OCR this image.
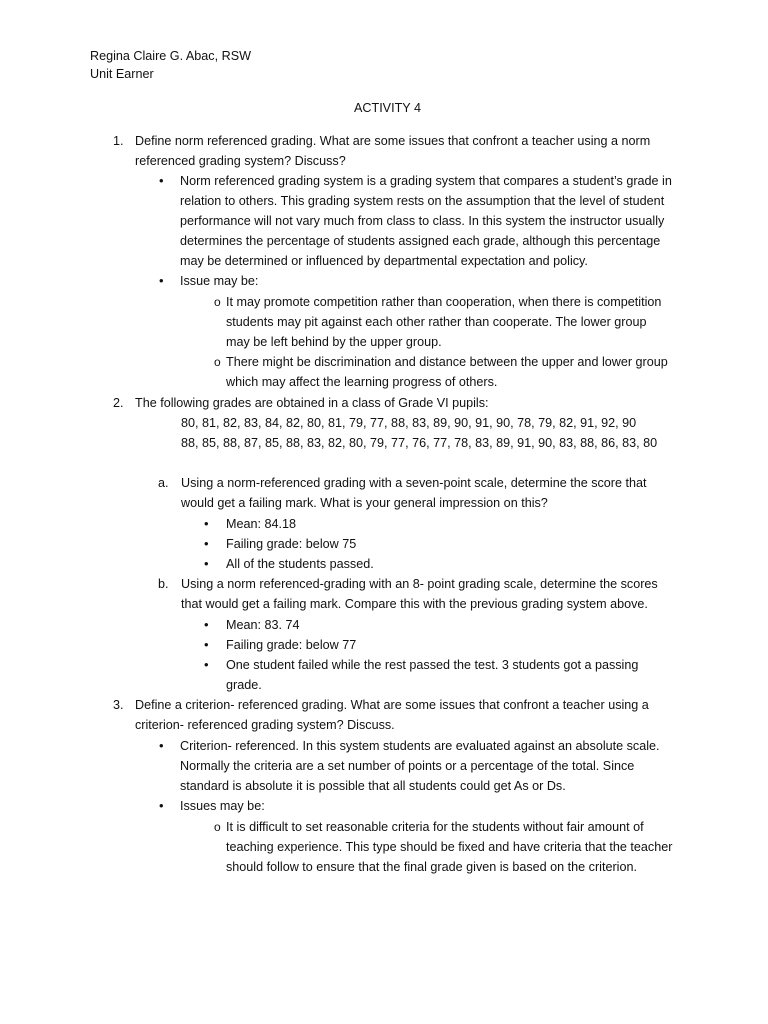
Regina Claire G. Abac, RSW
Unit Earner
ACTIVITY 4
1. Define norm referenced grading. What are some issues that confront a teacher using a norm
referenced grading system? Discuss?
• Norm referenced grading system is a grading system that compares a student’s grade in
relation to others. This grading system rests on the assumption that the level of student
performance will not vary much from class to class. In this system the instructor usually
determines the percentage of students assigned each grade, although this percentage
may be determined or influenced by departmental expectation and policy.
• Issue may be:
o It may promote competition rather than cooperation, when there is competition
students may pit against each other rather than cooperate. The lower group
may be left behind by the upper group.
o There might be discrimination and distance between the upper and lower group
which may affect the learning progress of others.
2. The following grades are obtained in a class of Grade VI pupils:
80, 81, 82, 83, 84, 82, 80, 81, 79, 77, 88, 83, 89, 90, 91, 90, 78, 79, 82, 91, 92, 90
88, 85, 88, 87, 85, 88, 83, 82, 80, 79, 77, 76, 77, 78, 83, 89, 91, 90, 83, 88, 86, 83, 80
a. Using a norm-referenced grading with a seven-point scale, determine the score that
would get a failing mark. What is your general impression on this?
• Mean: 84.18
• Failing grade: below 75
• All of the students passed.
b. Using a norm referenced-grading with an 8- point grading scale, determine the scores
that would get a failing mark. Compare this with the previous grading system above.
• Mean: 83. 74
• Failing grade: below 77
• One student failed while the rest passed the test. 3 students got a passing
grade.
3. Define a criterion- referenced grading. What are some issues that confront a teacher using a
criterion- referenced grading system? Discuss.
• Criterion- referenced. In this system students are evaluated against an absolute scale.
Normally the criteria are a set number of points or a percentage of the total. Since
standard is absolute it is possible that all students could get As or Ds.
• Issues may be:
o It is difficult to set reasonable criteria for the students without fair amount of
teaching experience. This type should be fixed and have criteria that the teacher
should follow to ensure that the final grade given is based on the criterion.
